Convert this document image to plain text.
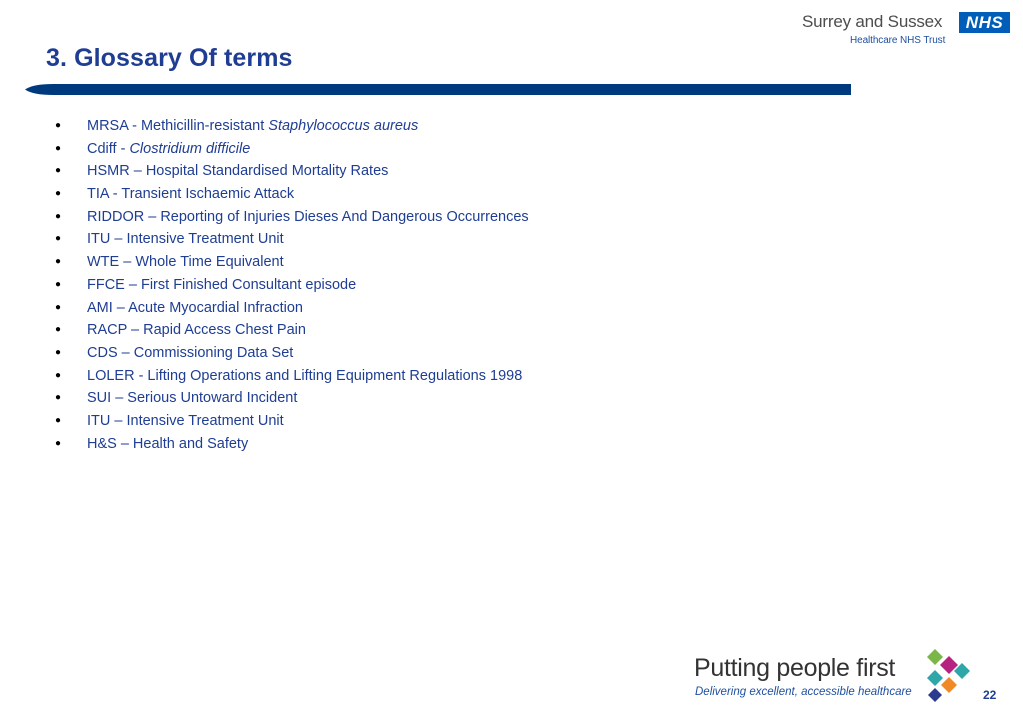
3. Glossary Of terms
Surrey and Sussex	NHS
Healthcare NHS Trust
● MRSA - Methicillin-resistant Staphylococcus aureus
● Cdiff - Clostridium difficile
● HSMR – Hospital Standardised Mortality Rates
● TIA - Transient Ischaemic Attack
● RIDDOR – Reporting of Injuries Dieses And Dangerous Occurrences
● ITU – Intensive Treatment Unit
● WTE – Whole Time Equivalent
● FFCE – First Finished Consultant episode
● AMI – Acute Myocardial Infraction
● RACP – Rapid Access Chest Pain
● CDS – Commissioning Data Set
● LOLER - Lifting Operations and Lifting Equipment Regulations 1998
● SUI – Serious Untoward Incident
● ITU – Intensive Treatment Unit
● H&S – Health and Safety
Putting people first
Delivering excellent, accessible healthcare	22
